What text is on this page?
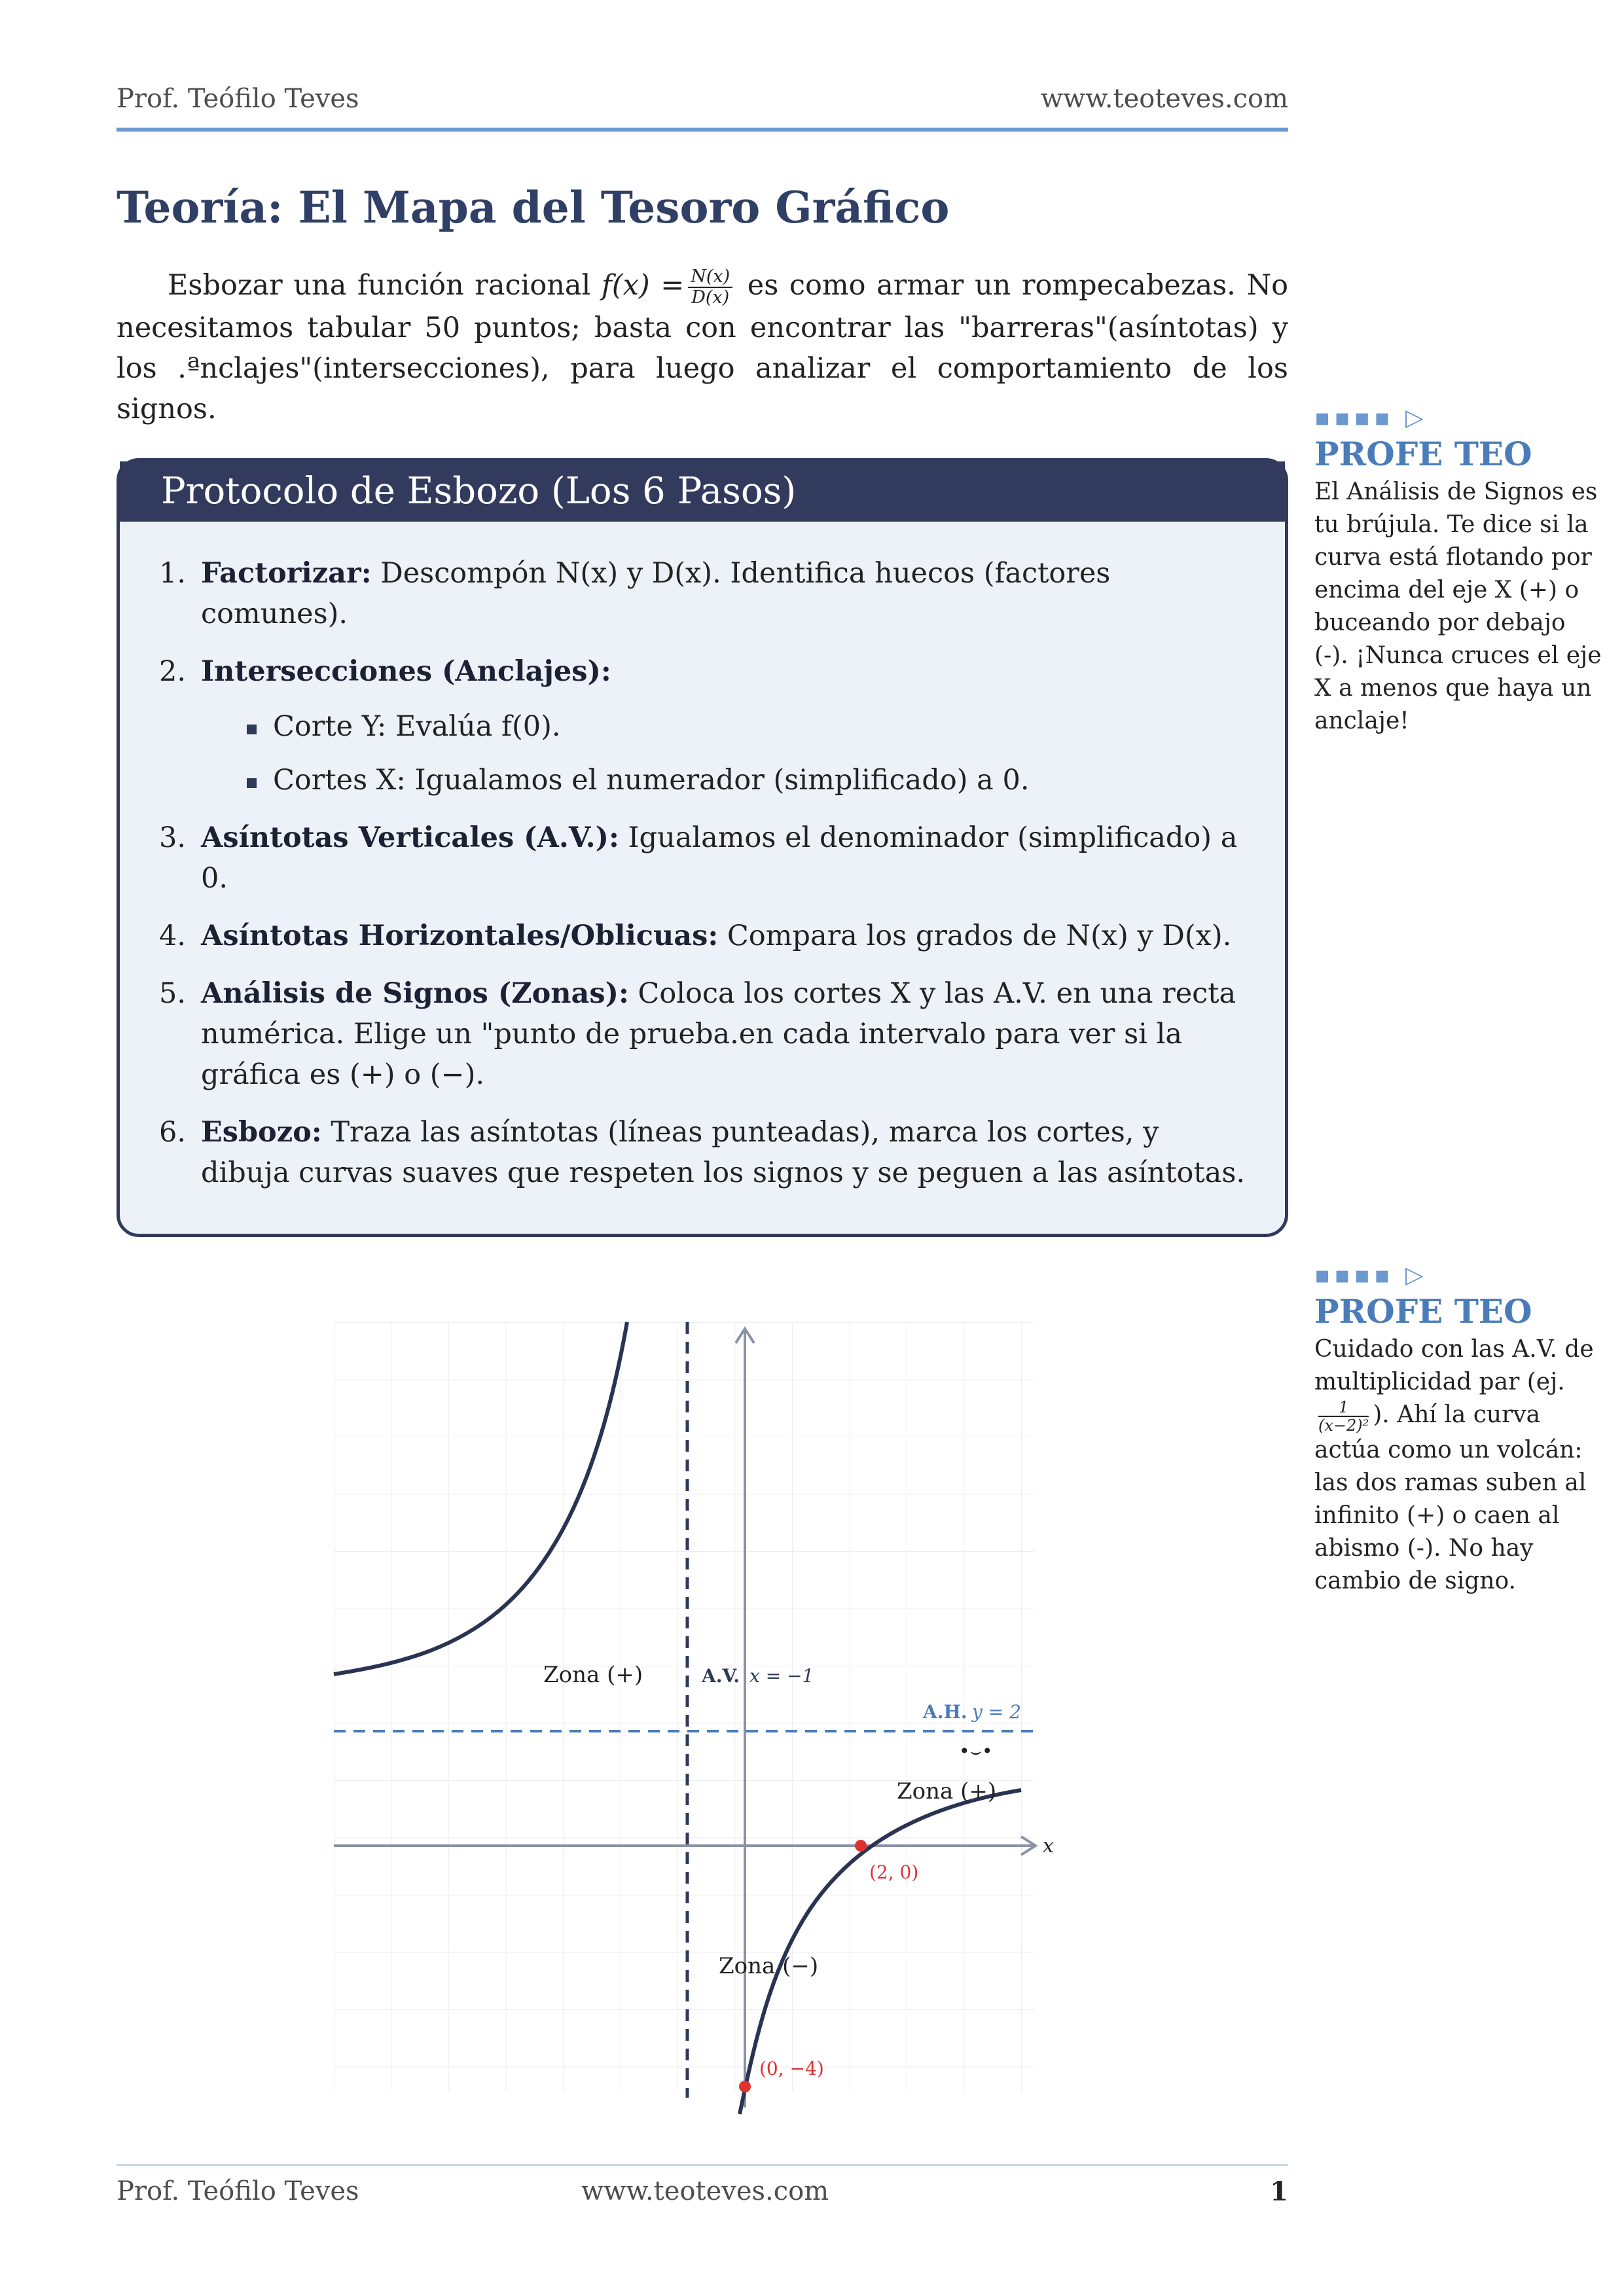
Prof. Teófilo Teves	www.teoteves.com
Teoría: El Mapa del Tesoro Gráfico
Esbozar una función racional $f(x) = \frac{N(x)}{D(x)}$ es como armar un rompecabezas. No necesitamos tabular 50 puntos; basta con encontrar las "barreras"(asíntotas) y los .ªnclajes"(intersecciones), para luego analizar el comportamiento de los signos.
Protocolo de Esbozo (Los 6 Pasos)
1. Factorizar: Descompón N(x) y D(x). Identifica huecos (factores comunes).
2. Intersecciones (Anclajes):
Corte Y: Evalúa f(0).
Cortes X: Igualamos el numerador (simplificado) a 0.
3. Asíntotas Verticales (A.V.): Igualamos el denominador (simplificado) a 0.
4. Asíntotas Horizontales/Oblicuas: Compara los grados de N(x) y D(x).
5. Análisis de Signos (Zonas): Coloca los cortes X y las A.V. en una recta numérica. Elige un "punto de prueba.en cada intervalo para ver si la gráfica es (+) o (−).
6. Esbozo: Traza las asíntotas (líneas punteadas), marca los cortes, y dibuja curvas suaves que respeten los signos y se peguen a las asíntotas.
▪▪▪▪ ▷
PROFE TEO
El Análisis de Signos es tu brújula. Te dice si la curva está flotando por encima del eje X (+) o buceando por debajo (-). ¡Nunca cruces el eje X a menos que haya un anclaje!
▪▪▪▪ ▷
PROFE TEO
Cuidado con las A.V. de multiplicidad par (ej.
$\frac{1}{\text{(x−2)²}}$ ). Ahí la curva actúa como un volcán: las dos ramas suben al infinito (+) o caen al abismo (-). No hay cambio de signo.
Zona (+)	A.V. x = −1
A.H. y = 2
•⌣•
Zona (+)
x
(2, 0)
Zona (−)
(0, −4)
Prof. Teófilo Teves	www.teoteves.com	1
